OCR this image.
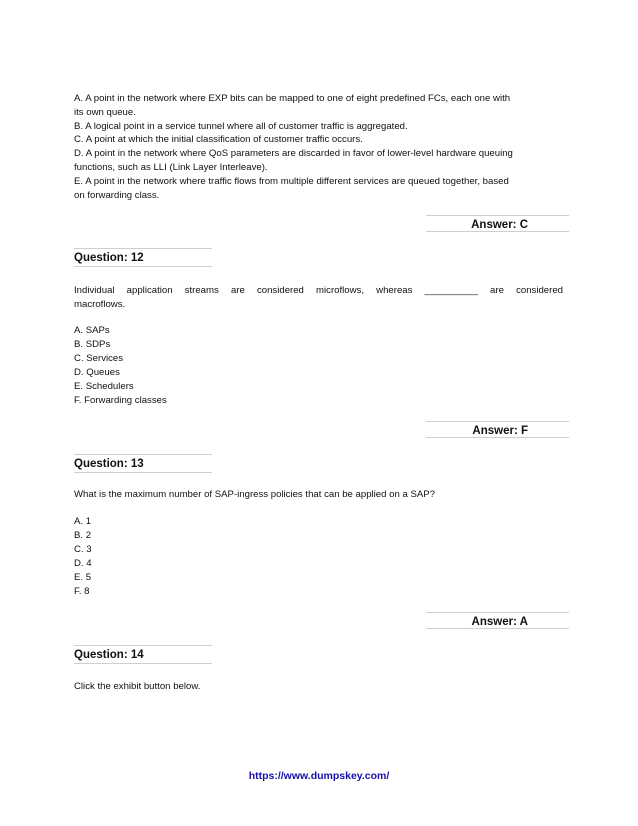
A. A point in the network where EXP bits can be mapped to one of eight predefined FCs, each one with
its own queue.
B. A logical point in a service tunnel where all of customer traffic is aggregated.
C. A point at which the initial classification of customer traffic occurs.
D. A point in the network where QoS parameters are discarded in favor of lower-level hardware queuing
functions, such as LLI (Link Layer Interleave).
E. A point in the network where traffic flows from multiple different services are queued together, based
on forwarding class.
Answer: C
Question: 12
Individual application streams are considered microflows, whereas __________ are considered
macroflows.
A. SAPs
B. SDPs
C. Services
D. Queues
E. Schedulers
F. Forwarding classes
Answer: F
Question: 13
What is the maximum number of SAP-ingress policies that can be applied on a SAP?
A. 1
B. 2
C. 3
D. 4
E. 5
F. 8
Answer: A
Question: 14
Click the exhibit button below.
https://www.dumpskey.com/
